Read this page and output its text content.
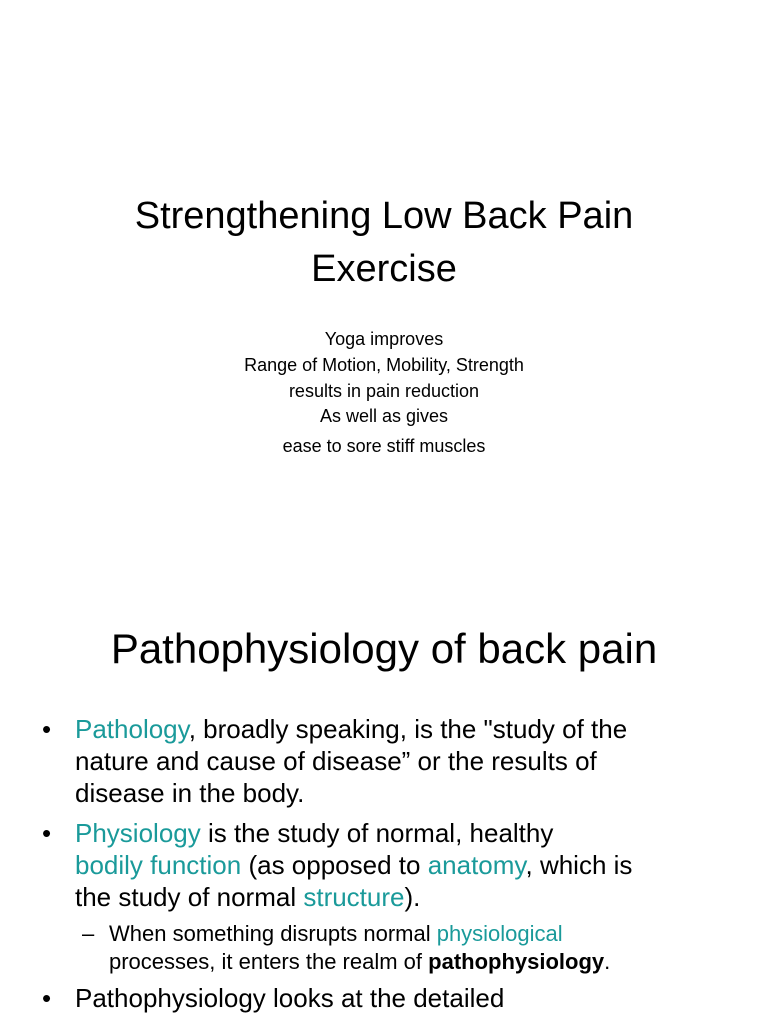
Strengthening Low Back Pain
Exercise
Yoga improves
Range of Motion, Mobility, Strength
results in pain reduction
As well as gives
ease to sore stiff muscles
Pathophysiology of back pain
• Pathology, broadly speaking, is the "study of the
nature and cause of disease” or the results of
disease in the body.
• Physiology is the study of normal, healthy
bodily function (as opposed to anatomy, which is
the study of normal structure).
– When something disrupts normal physiological
processes, it enters the realm of pathophysiology.
• Pathophysiology looks at the detailed
